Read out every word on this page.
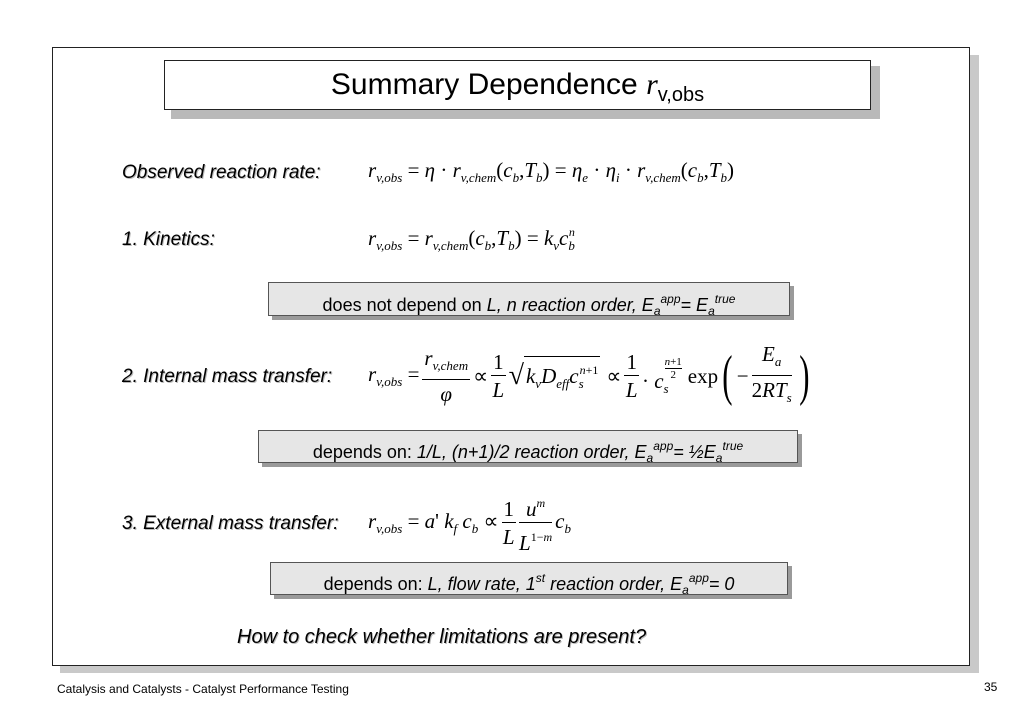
Summary Dependence $r_{v,obs}$
Observed reaction rate: $r_{v,obs} = \eta \cdot r_{v,chem}(c_b,T_b) = \eta_e \cdot \eta_i \cdot r_{v,chem}(c_b,T_b)$
1. Kinetics:	$r_{v,obs} = r_{v,chem}(c_b,T_b) = k_vc_b^n$
does not depend on L, n reaction order, $E_a^{app}= E_a^{true}$
2. Internal mass transfer: $r_{v,obs} = \frac{r_{v,chem}}{\varphi} \propto \frac{1}{L}$ √ $k_vD_{eff}c_s^{n+1} \propto \frac{1}{L} \cdot c_s$
$\frac{n+1}{2}$ exp ( − $\frac{E_a}{2RT_s}$ )
depends on: 1/L, (n+1)/2 reaction order, $E_a^{app}=$ $\frac{1}{2}E_a^{true}$
3. External mass transfer: $r_{v,obs} = a'$ $k_f$ $c_b \propto \frac{1}{L} \frac{u^m}{L^{1-m}} c_b$
depends on: L, flow rate, 1st reaction order, $E_a^{app}= 0$
How to check whether limitations are present?
Catalysis and Catalysts - Catalyst Performance Testing	35
